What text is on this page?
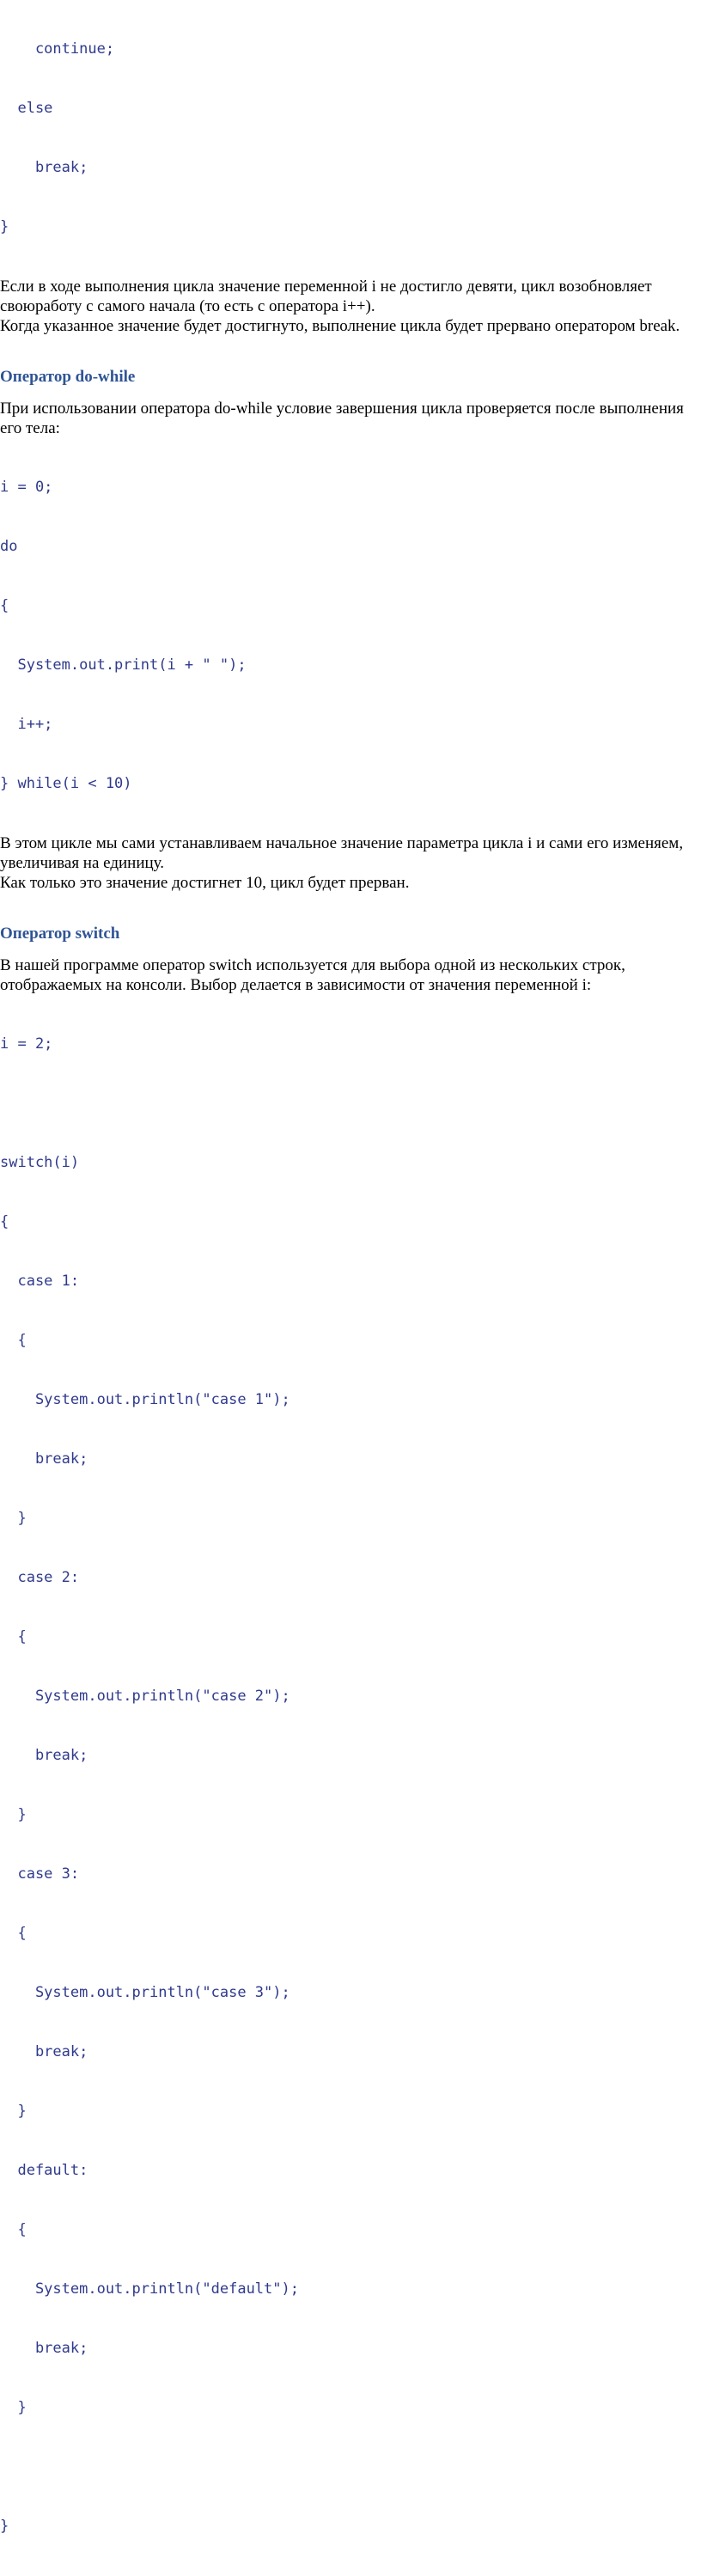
continue;

else

break;

}

Если в ходе выполнения цикла значение переменной i не достигло девяти, цикл возобновляет своюработу с самого начала (то есть с оператора i++).

Когда указанное значение будет достигнуто, выполнение цикла будет прервано оператором break.

Оператор do-while

При использовании оператора do-while условие завершения цикла проверяется после выполнения его тела:

i = 0;

do

{

System.out.print(i + " ");

i++;

} while(i < 10)

В этом цикле мы сами устанавливаем начальное значение параметра цикла i и сами его изменяем, увеличивая на единицу.

Как только это значение достигнет 10, цикл будет прерван.

Оператор switch

В нашей программе оператор switch используется для выбора одной из нескольких строк, отображаемых на консоли. Выбор делается в зависимости от значения переменной i:

i = 2;

switch(i)

{

case 1:

{

System.out.println("case 1");

break;

}

case 2:

{

System.out.println("case 2");

break;

}

case 3:

{

System.out.println("case 3");

break;

}

default:

{

System.out.println("default");

break;

}

}
